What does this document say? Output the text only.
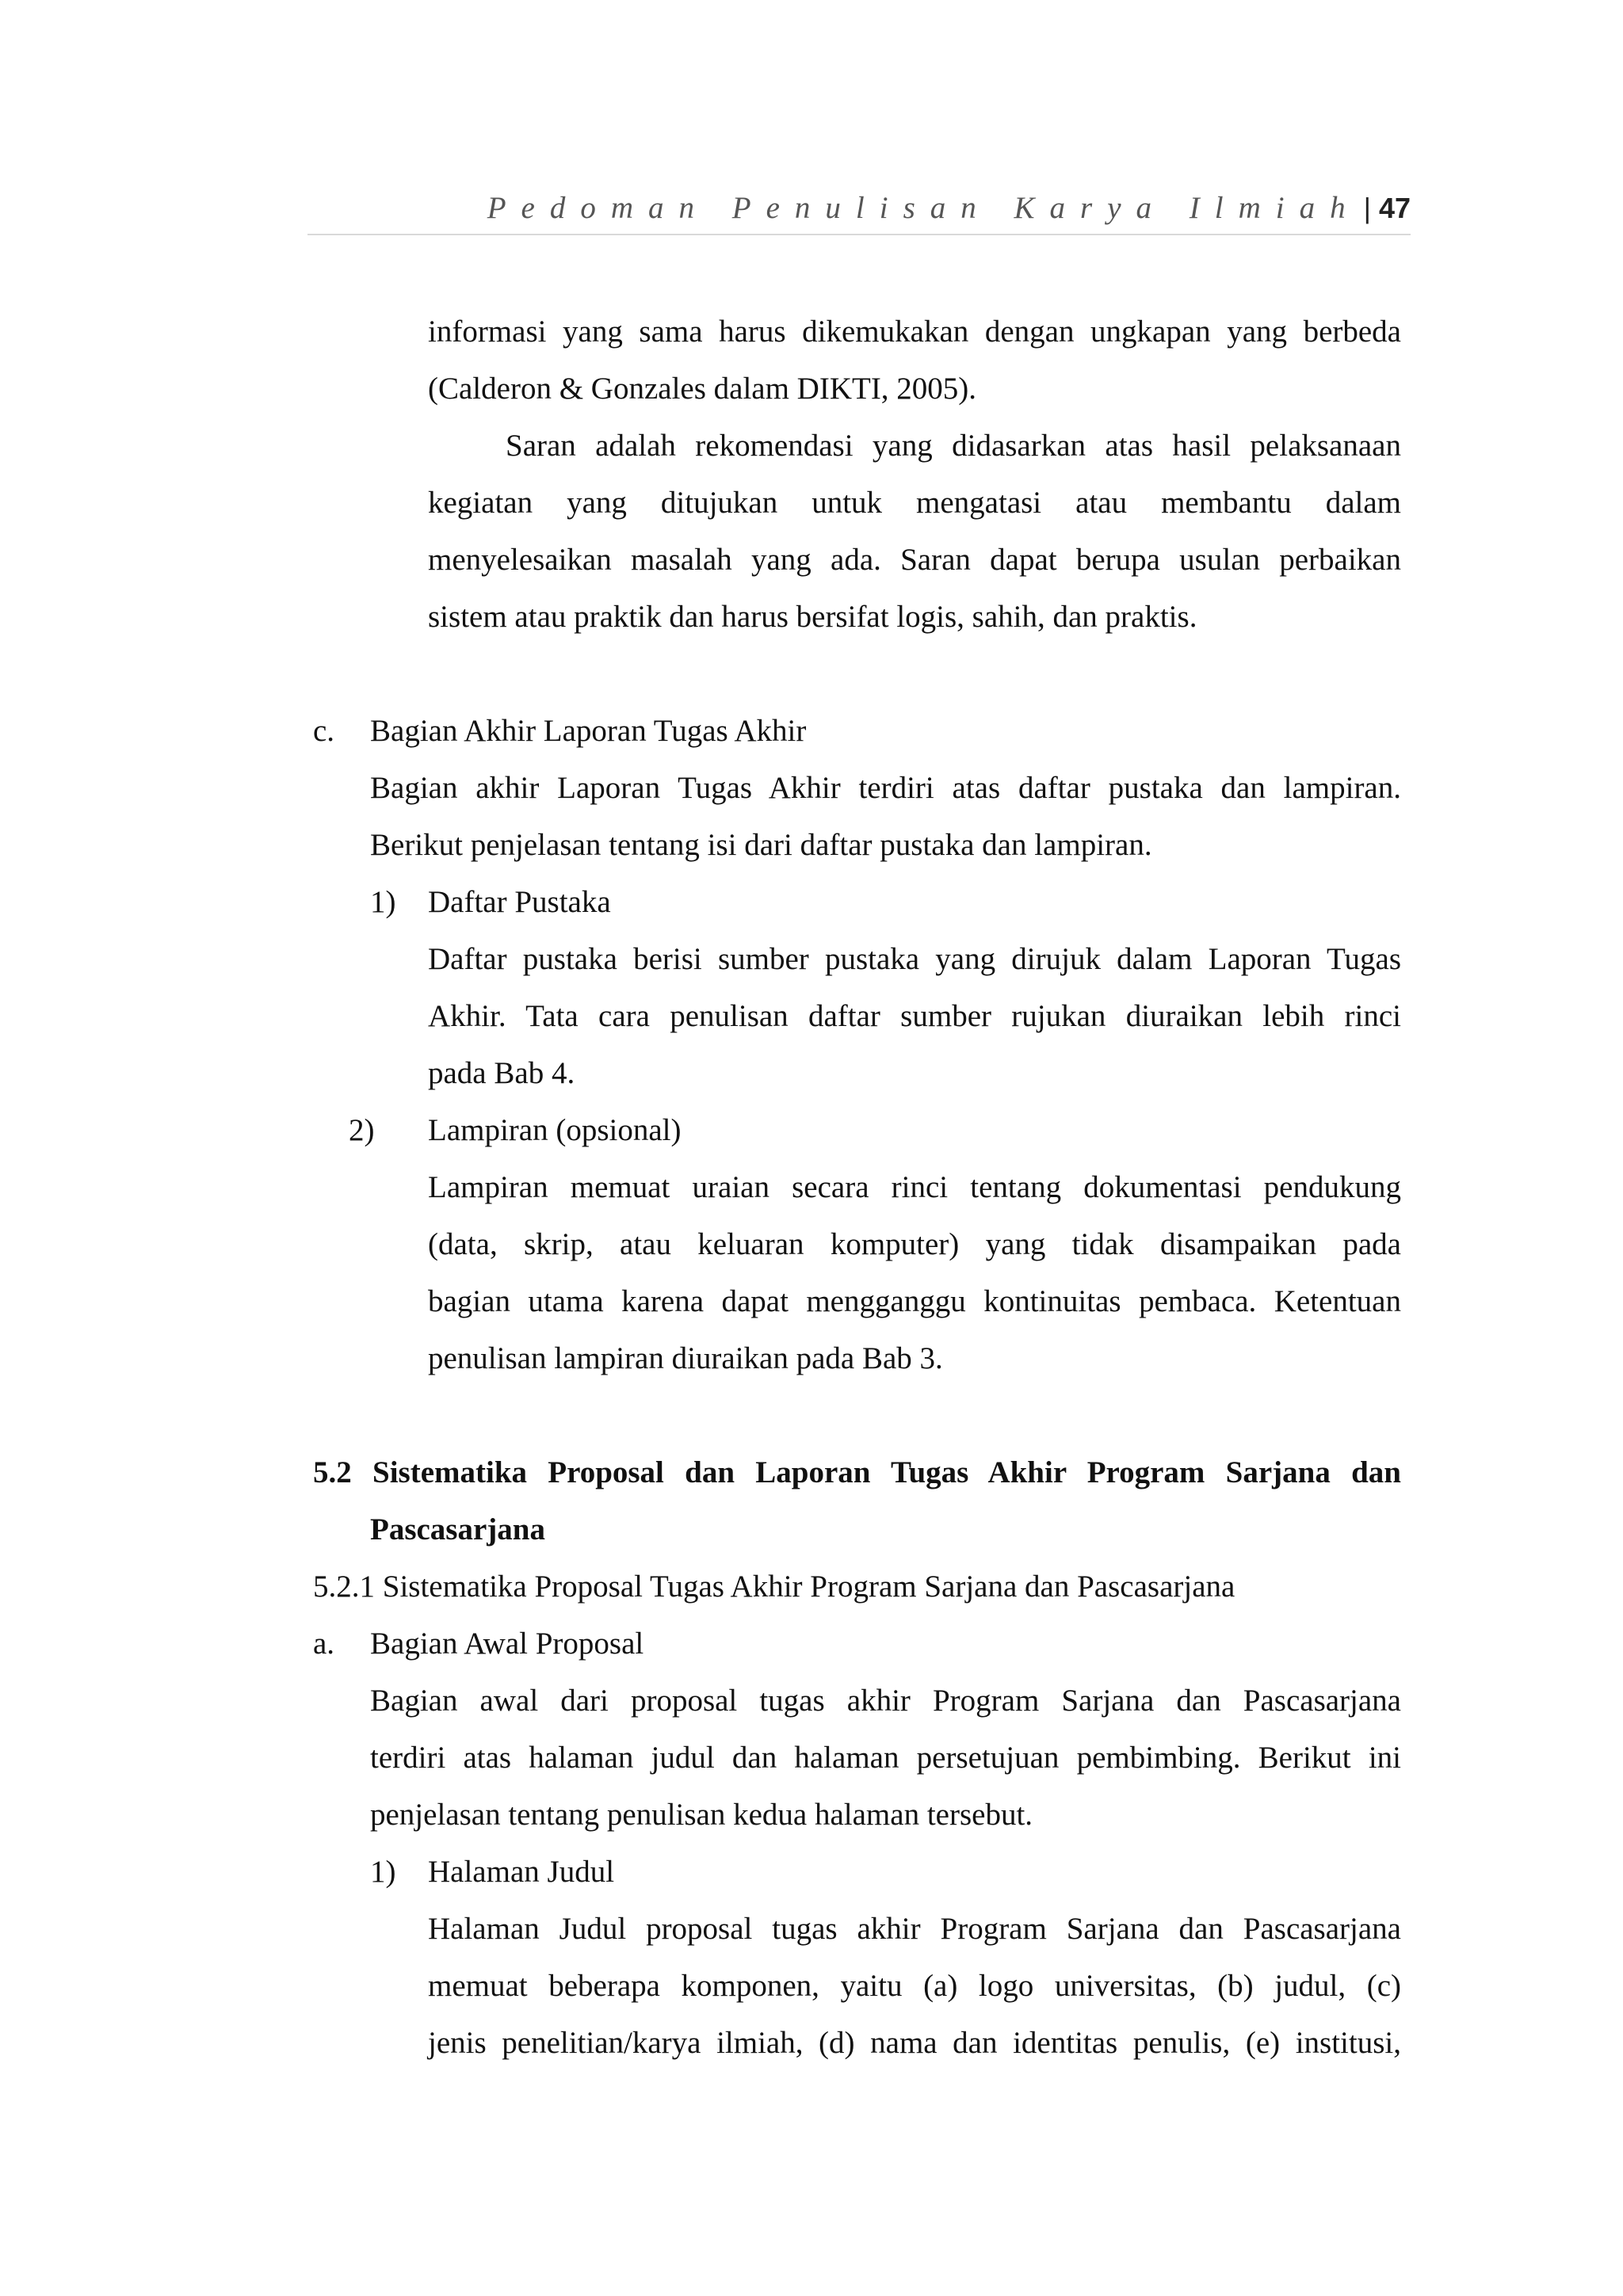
Pedoman Penulisan Karya Ilmiah | 47
informasi yang sama harus dikemukakan dengan ungkapan yang berbeda
(Calderon & Gonzales dalam DIKTI, 2005).
Saran adalah rekomendasi yang didasarkan atas hasil pelaksanaan
kegiatan yang ditujukan untuk mengatasi atau membantu dalam
menyelesaikan masalah yang ada. Saran dapat berupa usulan perbaikan
sistem atau praktik dan harus bersifat logis, sahih, dan praktis.
c. Bagian Akhir Laporan Tugas Akhir
Bagian akhir Laporan Tugas Akhir terdiri atas daftar pustaka dan lampiran.
Berikut penjelasan tentang isi dari daftar pustaka dan lampiran.
1) Daftar Pustaka
Daftar pustaka berisi sumber pustaka yang dirujuk dalam Laporan Tugas
Akhir. Tata cara penulisan daftar sumber rujukan diuraikan lebih rinci
pada Bab 4.
2) Lampiran (opsional)
Lampiran memuat uraian secara rinci tentang dokumentasi pendukung
(data, skrip, atau keluaran komputer) yang tidak disampaikan pada
bagian utama karena dapat mengganggu kontinuitas pembaca. Ketentuan
penulisan lampiran diuraikan pada Bab 3.
5.2 Sistematika Proposal dan Laporan Tugas Akhir Program Sarjana dan
Pascasarjana
5.2.1 Sistematika Proposal Tugas Akhir Program Sarjana dan Pascasarjana
a. Bagian Awal Proposal
Bagian awal dari proposal tugas akhir Program Sarjana dan Pascasarjana
terdiri atas halaman judul dan halaman persetujuan pembimbing. Berikut ini
penjelasan tentang penulisan kedua halaman tersebut.
1) Halaman Judul
Halaman Judul proposal tugas akhir Program Sarjana dan Pascasarjana
memuat beberapa komponen, yaitu (a) logo universitas, (b) judul, (c)
jenis penelitian/karya ilmiah, (d) nama dan identitas penulis, (e) institusi,
